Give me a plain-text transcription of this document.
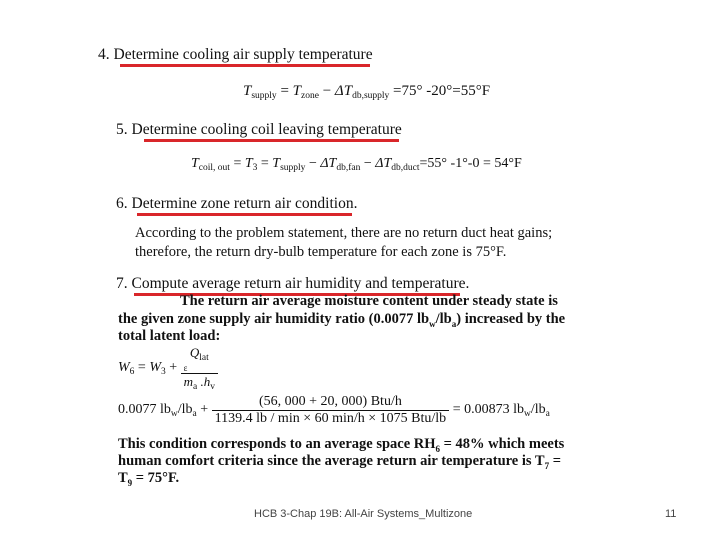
4. Determine cooling air supply temperature
$T_{supply} = T_{zone} - \Delta T_{db,supply} =75^\circ$ -20°=55°F
5. Determine cooling coil leaving temperature
$T_{coil, out} = T_3 = T_{supply} - \Delta T_{db,fan} - \Delta T_{db,duct}=55^\circ$ -1°-0 = 54°F
6. Determine zone return air condition.
According to the problem statement, there are no return duct heat gains; therefore, the return dry-bulb temperature for each zone is 75°F.
7. Compute average return air humidity and temperature.
The return air average moisture content under steady state is
the given zone supply air humidity ratio (0.0077 $lb_w/lb_a$) increased by the
total latent load:
$W_6 = W_3$ +
$Q_{lat}$
ε
$m_a$ $.h_v$
0.0077 $lb_w/lb_a + \frac{\text{(56, 000 + 20, 000) Btu/h}}{\text{1139.4 lb / min × 60 min/h × 1075 Btu/lb}} = 0.00873$ $lb_w/lb_a$
This condition corresponds to an average space $RH_6 = 48\%$ which meets
human comfort criteria since the average return air temperature is $T_7$ =
$T_9 = 75^\circ F$.
HCB 3-Chap 19B: All-Air Systems_Multizone	11
